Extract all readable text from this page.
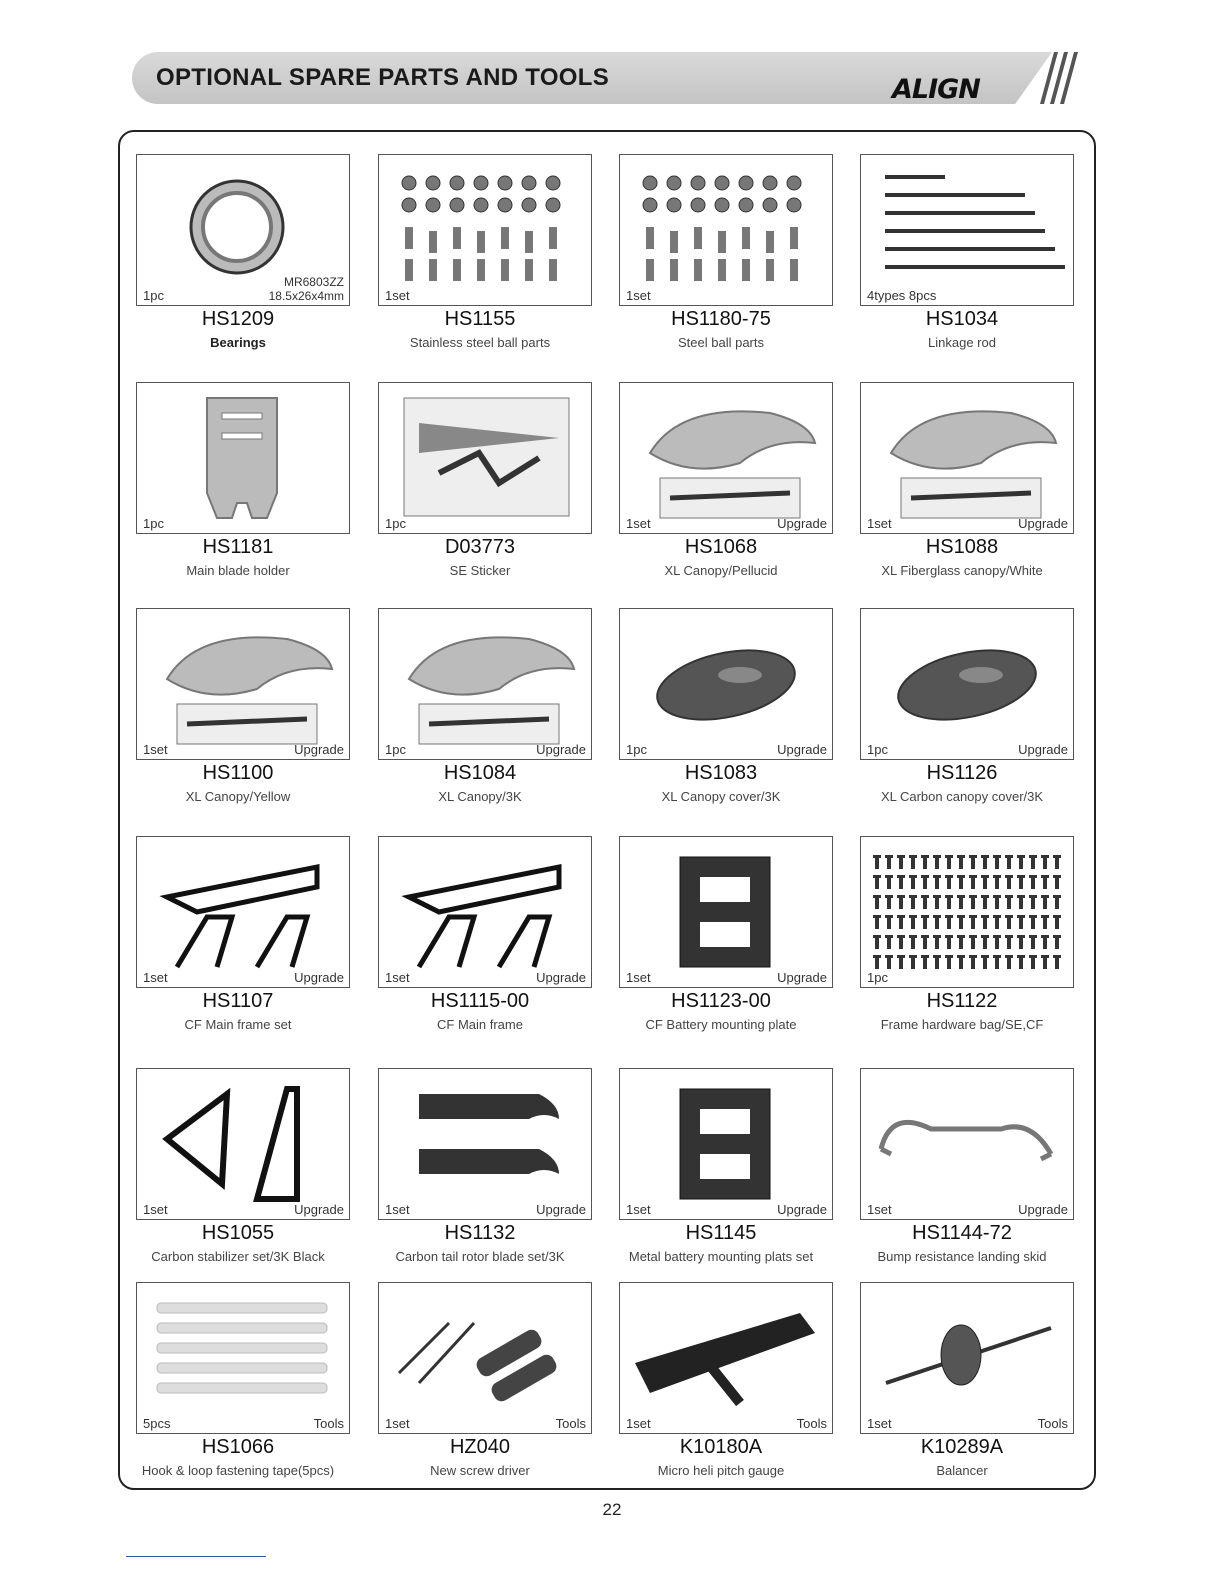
OPTIONAL SPARE PARTS AND TOOLS	ALIGN
1pc
MR6803ZZ
18.5x26x4mm
HS1209
Bearings
1set
HS1155
Stainless steel ball parts
1set
HS1180-75
Steel ball parts
4types 8pcs
HS1034
Linkage rod
1pc
HS1181
Main blade holder
1pc
D03773
SE Sticker
1set	Upgrade
HS1068
XL Canopy/Pellucid
1set	Upgrade
HS1088
XL Fiberglass canopy/White
1set	Upgrade
HS1100
XL Canopy/Yellow
1pc	Upgrade
HS1084
XL Canopy/3K
1pc	Upgrade
HS1083
XL Canopy cover/3K
1pc	Upgrade
HS1126
XL Carbon canopy cover/3K
1set	Upgrade
HS1107
CF Main frame set
1set	Upgrade
HS1115-00
CF Main frame
1set	Upgrade
HS1123-00
CF Battery mounting plate
1pc
HS1122
Frame hardware bag/SE,CF
1set	Upgrade
HS1055
Carbon stabilizer set/3K Black
1set	Upgrade
HS1132
Carbon tail rotor blade set/3K
1set	Upgrade
HS1145
Metal battery mounting plats set
1set	Upgrade
HS1144-72
Bump resistance landing skid
5pcs	Tools
HS1066
Hook & loop fastening tape(5pcs)
1set	Tools
HZ040
New screw driver
1set	Tools
K10180A
Micro heli pitch gauge
1set	Tools
K10289A
Balancer
22
